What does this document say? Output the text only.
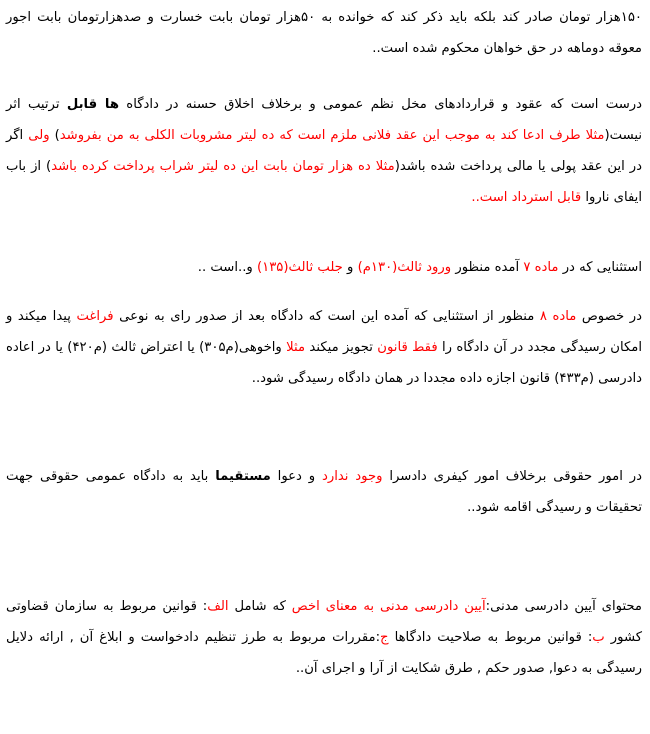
۱۵۰هزار تومان صادر کند بلکه باید ذکر کند که خوانده به ۵۰هزار تومان بابت خسارت و صدهزارتومان بابت اجور معوقه دوماهه در حق خواهان محکوم شده است..

درست است که عقود و قراردادهای مخل نظم عمومی و برخلاف اخلاق حسنه در دادگاه ها قابل ترتیب اثر نیست(مثلا طرف ادعا کند به موجب این عقد فلانی ملزم است که ده لیتر مشروبات الکلی به من بفروشد) ولی اگر در این عقد پولی یا مالی پرداخت شده باشد(مثلا ده هزار تومان بابت این ده لیتر شراب پرداخت کرده باشد) از باب ایفای ناروا قابل استرداد است..

استثنایی که در ماده ۷ آمده منظور ورود ثالث(۱۳۰م) و جلب ثالث(۱۳۵) و..است ..

در خصوص ماده ۸ منظور از استثنایی که آمده این است که دادگاه بعد از صدور رای به نوعی فراغت پیدا میکند و امکان رسیدگی مجدد در آن دادگاه را فقط قانون تجویز میکند مثلا واخوهی(م۳۰۵) یا اعتراض ثالث (م۴۲۰) یا در اعاده دادرسی (م۴۳۳) قانون اجازه داده مجددا در همان دادگاه رسیدگی شود..

در امور حقوقی برخلاف امور کیفری دادسرا وجود ندارد و دعوا مستقیما باید به دادگاه عمومی حقوقی جهت تحقیقات و رسیدگی اقامه شود..

محتوای آیین دادرسی مدنی:آیین دادرسی مدنی به معنای اخص که شامل الف: قوانین مربوط به سازمان قضاوتی کشور ب: قوانین مربوط به صلاحیت دادگاها ج:مقررات مربوط به طرز تنظیم دادخواست و ابلاغ آن , ارائه دلایل رسیدگی به دعوا, صدور حکم , طرق شکایت از آرا و اجرای آن..
